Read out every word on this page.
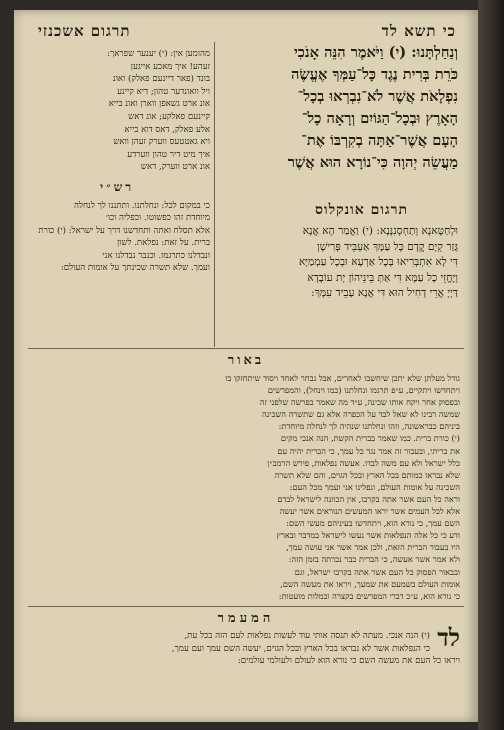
כי תשא לד
תרגום אשכנזי
וְנַחַלְתָּנוּ: (י) וַיֹּאמֶר הִנֵּה אָנֹכִי
כֹּרֵת בְּרִית נֶגֶד כָּל־עַמְּךָ אֶעֱשֶׂה
נִפְלָאֹת אֲשֶׁר לֹא־נִבְרְאוּ בְכָל־
הָאָרֶץ וּבְכָל־הַגּוֹיִם וְרָאָה כָל־
הָעָם אֲשֶׁר־אַתָּה בְקִרְבּוֹ אֶת־
מַעֲשֵׂה יְהוָה כִּי־נוֹרָא הוּא אֲשֶׁר
מהומען אין: (י) יענער שפראך:
זעהע! איך מאכע אייגען
בונד (פאר דיינעם פאלק) ואונ
ויל וואונדער טהון; דיא קיינע
אונ ארט גשאפן ווארן ואונ בייא
קיינעם פאלקע; אונ דאש
אלע פאלק, דאס דוא בייא
ויא גאטטעס ווערק זעהן וואש
איך מיט דיר טהון ווערדע
אונ ארט ווערק, דאש
רש״י
כי במקום לכל: ונחלתנו. ותתננו לך לנחלה
מיוחדת זהו כפשוטו. וכפליה וכו׳
אלא תסלח ואתה ותחדשנו דרך על ישראל: (י) כורת
ברית. על זאת: נפלאת. לשון
ונבדלנו כתרגמו. וכנבר נבדלנו אני
ועמך. שלא תשרה שכינתך על אומות העולם:
תרגום אונקלוס
וּלְחַטָּאנָא וְתַחְסְנִנָּנָא: (י) וַאֲמַר הָא אֲנָא
גָּזַר קְיָם קֳדָם כָּל עַמָּךְ אַעְבֵּיד פְּרִישָׁן
דִּי לָא אִתְבְּרִיאוּ בְּכָל אַרְעָא וּבְכָל עַמְמַיָּא
וְיֶחֱזֵי כָל עַמָּא דִּי אַתְּ בֵּינֵיהוֹן יָת עוֹבָדָא
דַּיְיָ אֲרֵי דְחִיל הוּא דִּי אֲנָא עָבֵיד עִמָּךְ:
באור
גודל מעלתן שלא יתכן שיחשבו לאחרים, אבל נבחר לאחד ויסוד שיתחזקו בו
ויתחדשו ויתקיים, ע״פ תרגמו ונחלתנו (כמו וינחל), והמפרשים
ובפסוק אחר ויקח אותו שכינה, ע״ד מה שאמר בפרשה שלפני זה
שמשה רבינו לא שאל לבד על הכפרה אלא גם שתשרה השכינה
ביניהם כבראשונה, וזהו ונחלתנו שנהיה לך לנחלה מיוחדת:
(י) כורת ברית. כמו שאמר בברית הקשת, הנה אנכי מקים
את בריתי, ובעבור זה אמר נגד כל עמך, כי הברית יהיה עם
כלל ישראל ולא עם משה לבדו. אעשה נפלאות, פירש הרמב״ן
שלא נבראו כמותם בכל הארץ ובכל הגוים, והם שלא תשרה
השכינה על אומות העולם, ונפלינו אני ועמך מכל העם:
וראה כל העם אשר אתה בקרבו, אין הכוונה לישראל לבדם
אלא לכל העמים אשר יראו המעשים הנוראים אשר יעשה
השם עמך, כי נורא הוא, ויתחדשו בעיניהם מעשי השם:
ודע כי כל אלה הנפלאות אשר נעשו לישראל במדבר ובארץ
היו בעבור הברית הזאת, ולכן אמר אשר אני עושה עמך,
ולא אמר אשר אעשה, כי הברית כבר נכרתה בזמן הזה:
ובבאור הפסוק כל העם אשר אתה בקרבו ישראל, וגם
אומות העולם בשמעם את שמעך, ויראו את מעשה השם,
כי נורא הוא, ע״כ דברי המפרשים בקצרה ובמלות מועטות:
המעמר
לד
(י) הנה אנכי. מעתה לא תנסה אותי עוד לעשות נפלאות לעם הזה בכל עת,
כי הנפלאות אשר לא נבראו בכל הארץ ובכל הגוים, יעשה השם עמך ועם עמך,
ויראו כל העם את מעשה השם כי נורא הוא לעולם ולעולמי עולמים:
